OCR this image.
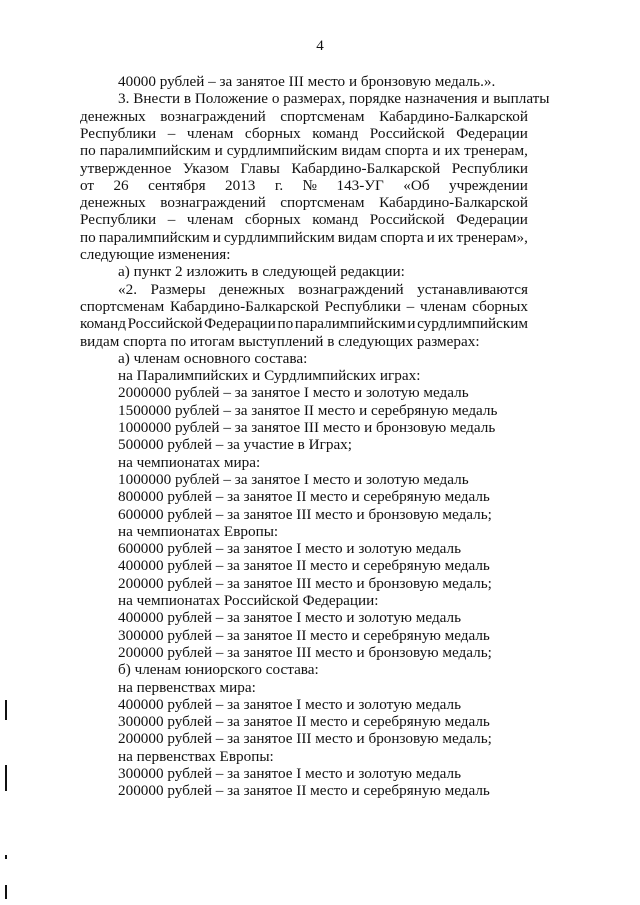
4
40000 рублей – за занятое III место и бронзовую медаль.».
3. Внести в Положение о размерах, порядке назначения и выплаты
денежных вознаграждений спортсменам Кабардино-Балкарской
Республики – членам сборных команд Российской Федерации
по паралимпийским и сурдлимпийским видам спорта и их тренерам,
утвержденное Указом Главы Кабардино-Балкарской Республики
от 26 сентября 2013 г. № 143-УГ «Об учреждении
денежных вознаграждений спортсменам Кабардино-Балкарской
Республики – членам сборных команд Российской Федерации
по паралимпийским и сурдлимпийским видам спорта и их тренерам»,
следующие изменения:
а) пункт 2 изложить в следующей редакции:
«2. Размеры денежных вознаграждений устанавливаются
спортсменам Кабардино-Балкарской Республики – членам сборных
команд Российской Федерации по паралимпийским и сурдлимпийским
видам спорта по итогам выступлений в следующих размерах:
а) членам основного состава:
на Паралимпийских и Сурдлимпийских играх:
2000000 рублей – за занятое I место и золотую медаль
1500000 рублей – за занятое II место и серебряную медаль
1000000 рублей – за занятое III место и бронзовую медаль
500000 рублей – за участие в Играх;
на чемпионатах мира:
1000000 рублей – за занятое I место и золотую медаль
800000 рублей – за занятое II место и серебряную медаль
600000 рублей – за занятое III место и бронзовую медаль;
на чемпионатах Европы:
600000 рублей – за занятое I место и золотую медаль
400000 рублей – за занятое II место и серебряную медаль
200000 рублей – за занятое III место и бронзовую медаль;
на чемпионатах Российской Федерации:
400000 рублей – за занятое I место и золотую медаль
300000 рублей – за занятое II место и серебряную медаль
200000 рублей – за занятое III место и бронзовую медаль;
б) членам юниорского состава:
на первенствах мира:
400000 рублей – за занятое I место и золотую медаль
300000 рублей – за занятое II место и серебряную медаль
200000 рублей – за занятое III место и бронзовую медаль;
на первенствах Европы:
300000 рублей – за занятое I место и золотую медаль
200000 рублей – за занятое II место и серебряную медаль
